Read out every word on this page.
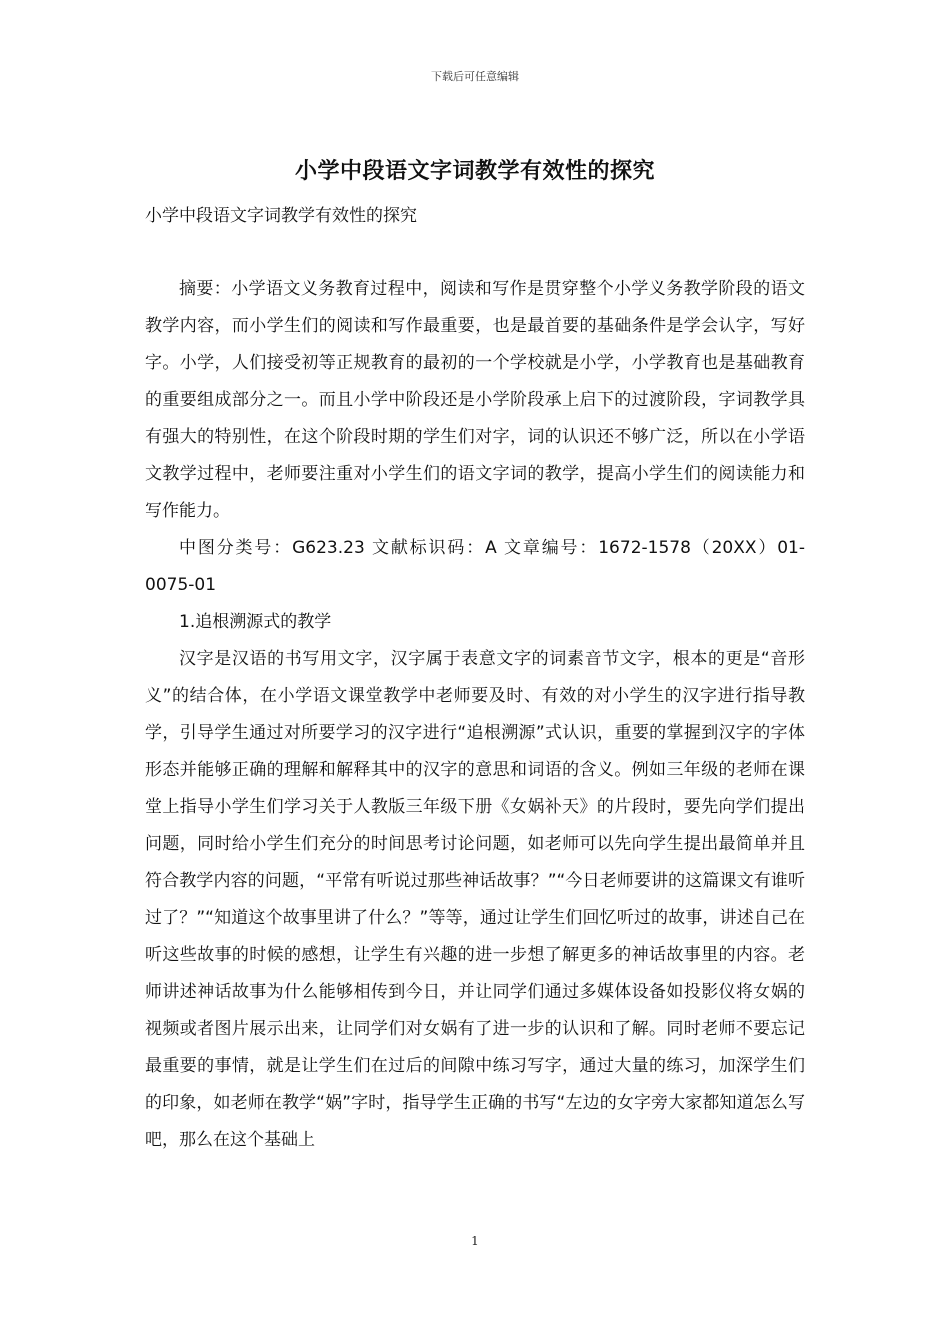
下载后可任意编辑
小学中段语文字词教学有效性的探究
小学中段语文字词教学有效性的探究

摘要：小学语文义务教育过程中，阅读和写作是贯穿整个小学义务教学阶段的语文教学内容，而小学生们的阅读和写作最重要，也是最首要的基础条件是学会认字，写好字。小学，人们接受初等正规教育的最初的一个学校就是小学，小学教育也是基础教育的重要组成部分之一。而且小学中阶段还是小学阶段承上启下的过渡阶段，字词教学具有强大的特别性，在这个阶段时期的学生们对字，词的认识还不够广泛，所以在小学语文教学过程中，老师要注重对小学生们的语文字词的教学，提高小学生们的阅读能力和写作能力。

中图分类号：G623.23 文献标识码：A 文章编号：1672-1578（20XX）01-0075-01

1.追根溯源式的教学

汉字是汉语的书写用文字，汉字属于表意文字的词素音节文字，根本的更是“音形义”的结合体，在小学语文课堂教学中老师要及时、有效的对小学生的汉字进行指导教学，引导学生通过对所要学习的汉字进行“追根溯源”式认识，重要的掌握到汉字的字体形态并能够正确的理解和解释其中的汉字的意思和词语的含义。例如三年级的老师在课堂上指导小学生们学习关于人教版三年级下册《女娲补天》的片段时，要先向学们提出问题，同时给小学生们充分的时间思考讨论问题，如老师可以先向学生提出最简单并且符合教学内容的问题，“平常有听说过那些神话故事？”“今日老师要讲的这篇课文有谁听过了？”“知道这个故事里讲了什么？”等等，通过让学生们回忆听过的故事，讲述自己在听这些故事的时候的感想，让学生有兴趣的进一步想了解更多的神话故事里的内容。老师讲述神话故事为什么能够相传到今日，并让同学们通过多媒体设备如投影仪将女娲的视频或者图片展示出来，让同学们对女娲有了进一步的认识和了解。同时老师不要忘记最重要的事情，就是让学生们在过后的间隙中练习写字，通过大量的练习，加深学生们的印象，如老师在教学“娲”字时，指导学生正确的书写“左边的女字旁大家都知道怎么写吧，那么在这个基础上

1
